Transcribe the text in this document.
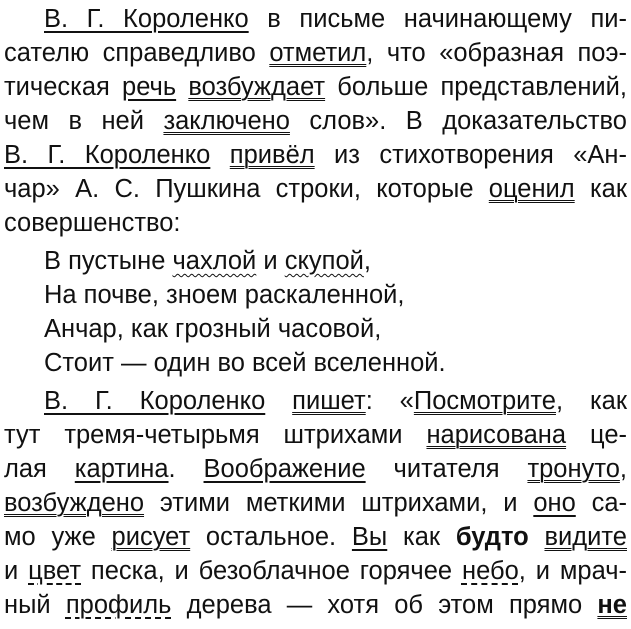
В. Г. Короленко в письме начинающему пи-
сателю справедливо отметил, что «образная поэ-
тическая речь возбуждает больше представлений,
чем в ней заключено слов». В доказательство
В. Г. Короленко привёл из стихотворения «Ан-
чар» А. С. Пушкина строки, которые оценил как
совершенство:
В пустыне чахлой и скупой,
На почве, зноем раскаленной,
Анчар, как грозный часовой,
Стоит — один во всей вселенной.
В. Г. Короленко пишет: «Посмотрите, как
тут тремя-четырьмя штрихами нарисована це-
лая картина. Воображение читателя тронуто,
возбуждено этими меткими штрихами, и оно са-
мо уже рисует остальное. Вы как будто видите
и цвет песка, и безоблачное горячее небо, и мрач-
ный профиль дерева — хотя об этом прямо не
